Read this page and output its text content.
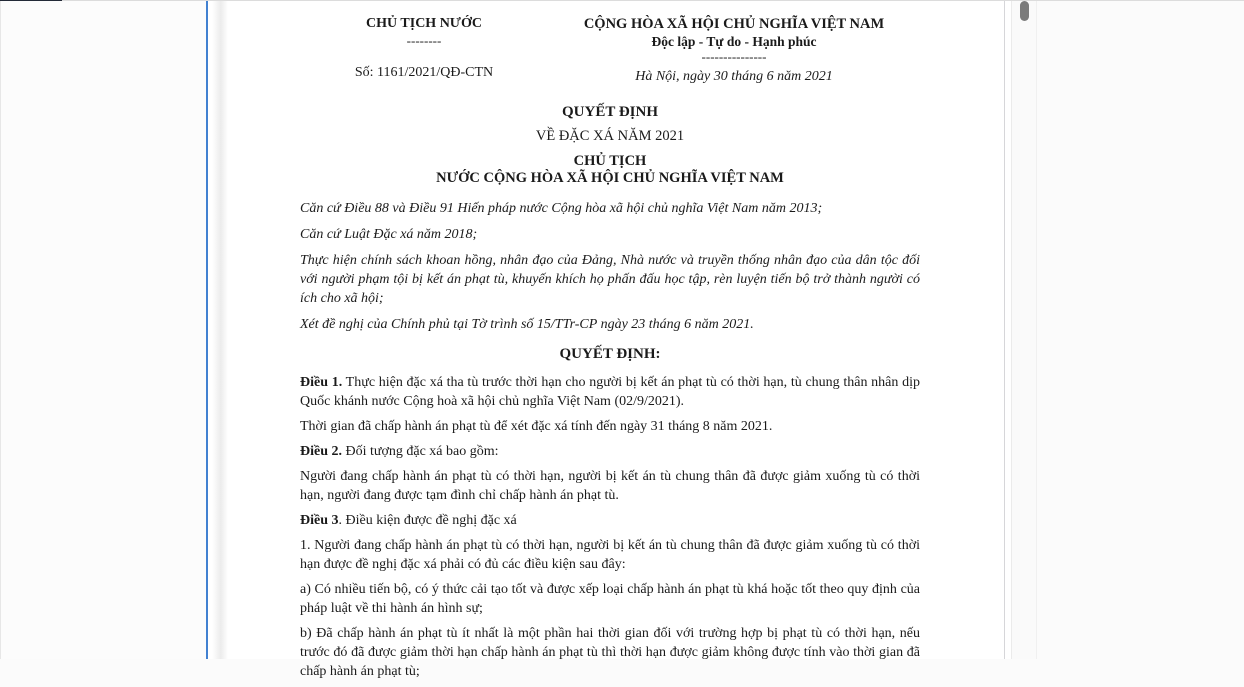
CHỦ TỊCH NƯỚC
--------
Số: 1161/2021/QĐ-CTN
CỘNG HÒA XÃ HỘI CHỦ NGHĨA VIỆT NAM
Độc lập - Tự do - Hạnh phúc
---------------
Hà Nội, ngày 30 tháng 6 năm 2021
QUYẾT ĐỊNH
VỀ ĐẶC XÁ NĂM 2021
CHỦ TỊCH
NƯỚC CỘNG HÒA XÃ HỘI CHỦ NGHĨA VIỆT NAM

Căn cứ Điều 88 và Điều 91 Hiến pháp nước Cộng hòa xã hội chủ nghĩa Việt Nam năm 2013;

Căn cứ Luật Đặc xá năm 2018;

Thực hiện chính sách khoan hồng, nhân đạo của Đảng, Nhà nước và truyền thống nhân đạo của dân tộc đối với người phạm tội bị kết án phạt tù, khuyến khích họ phấn đấu học tập, rèn luyện tiến bộ trở thành người có ích cho xã hội;

Xét đề nghị của Chính phủ tại Tờ trình số 15/TTr-CP ngày 23 tháng 6 năm 2021.

QUYẾT ĐỊNH:

Điều 1. Thực hiện đặc xá tha tù trước thời hạn cho người bị kết án phạt tù có thời hạn, tù chung thân nhân dịp Quốc khánh nước Cộng hoà xã hội chủ nghĩa Việt Nam (02/9/2021).

Thời gian đã chấp hành án phạt tù để xét đặc xá tính đến ngày 31 tháng 8 năm 2021.

Điều 2. Đối tượng đặc xá bao gồm:

Người đang chấp hành án phạt tù có thời hạn, người bị kết án tù chung thân đã được giảm xuống tù có thời hạn, người đang được tạm đình chỉ chấp hành án phạt tù.

Điều 3. Điều kiện được đề nghị đặc xá

1. Người đang chấp hành án phạt tù có thời hạn, người bị kết án tù chung thân đã được giảm xuống tù có thời hạn được đề nghị đặc xá phải có đủ các điều kiện sau đây:

a) Có nhiều tiến bộ, có ý thức cải tạo tốt và được xếp loại chấp hành án phạt tù khá hoặc tốt theo quy định của pháp luật về thi hành án hình sự;

b) Đã chấp hành án phạt tù ít nhất là một phần hai thời gian đối với trường hợp bị phạt tù có thời hạn, nếu trước đó đã được giảm thời hạn chấp hành án phạt tù thì thời hạn được giảm không được tính vào thời gian đã chấp hành án phạt tù;
